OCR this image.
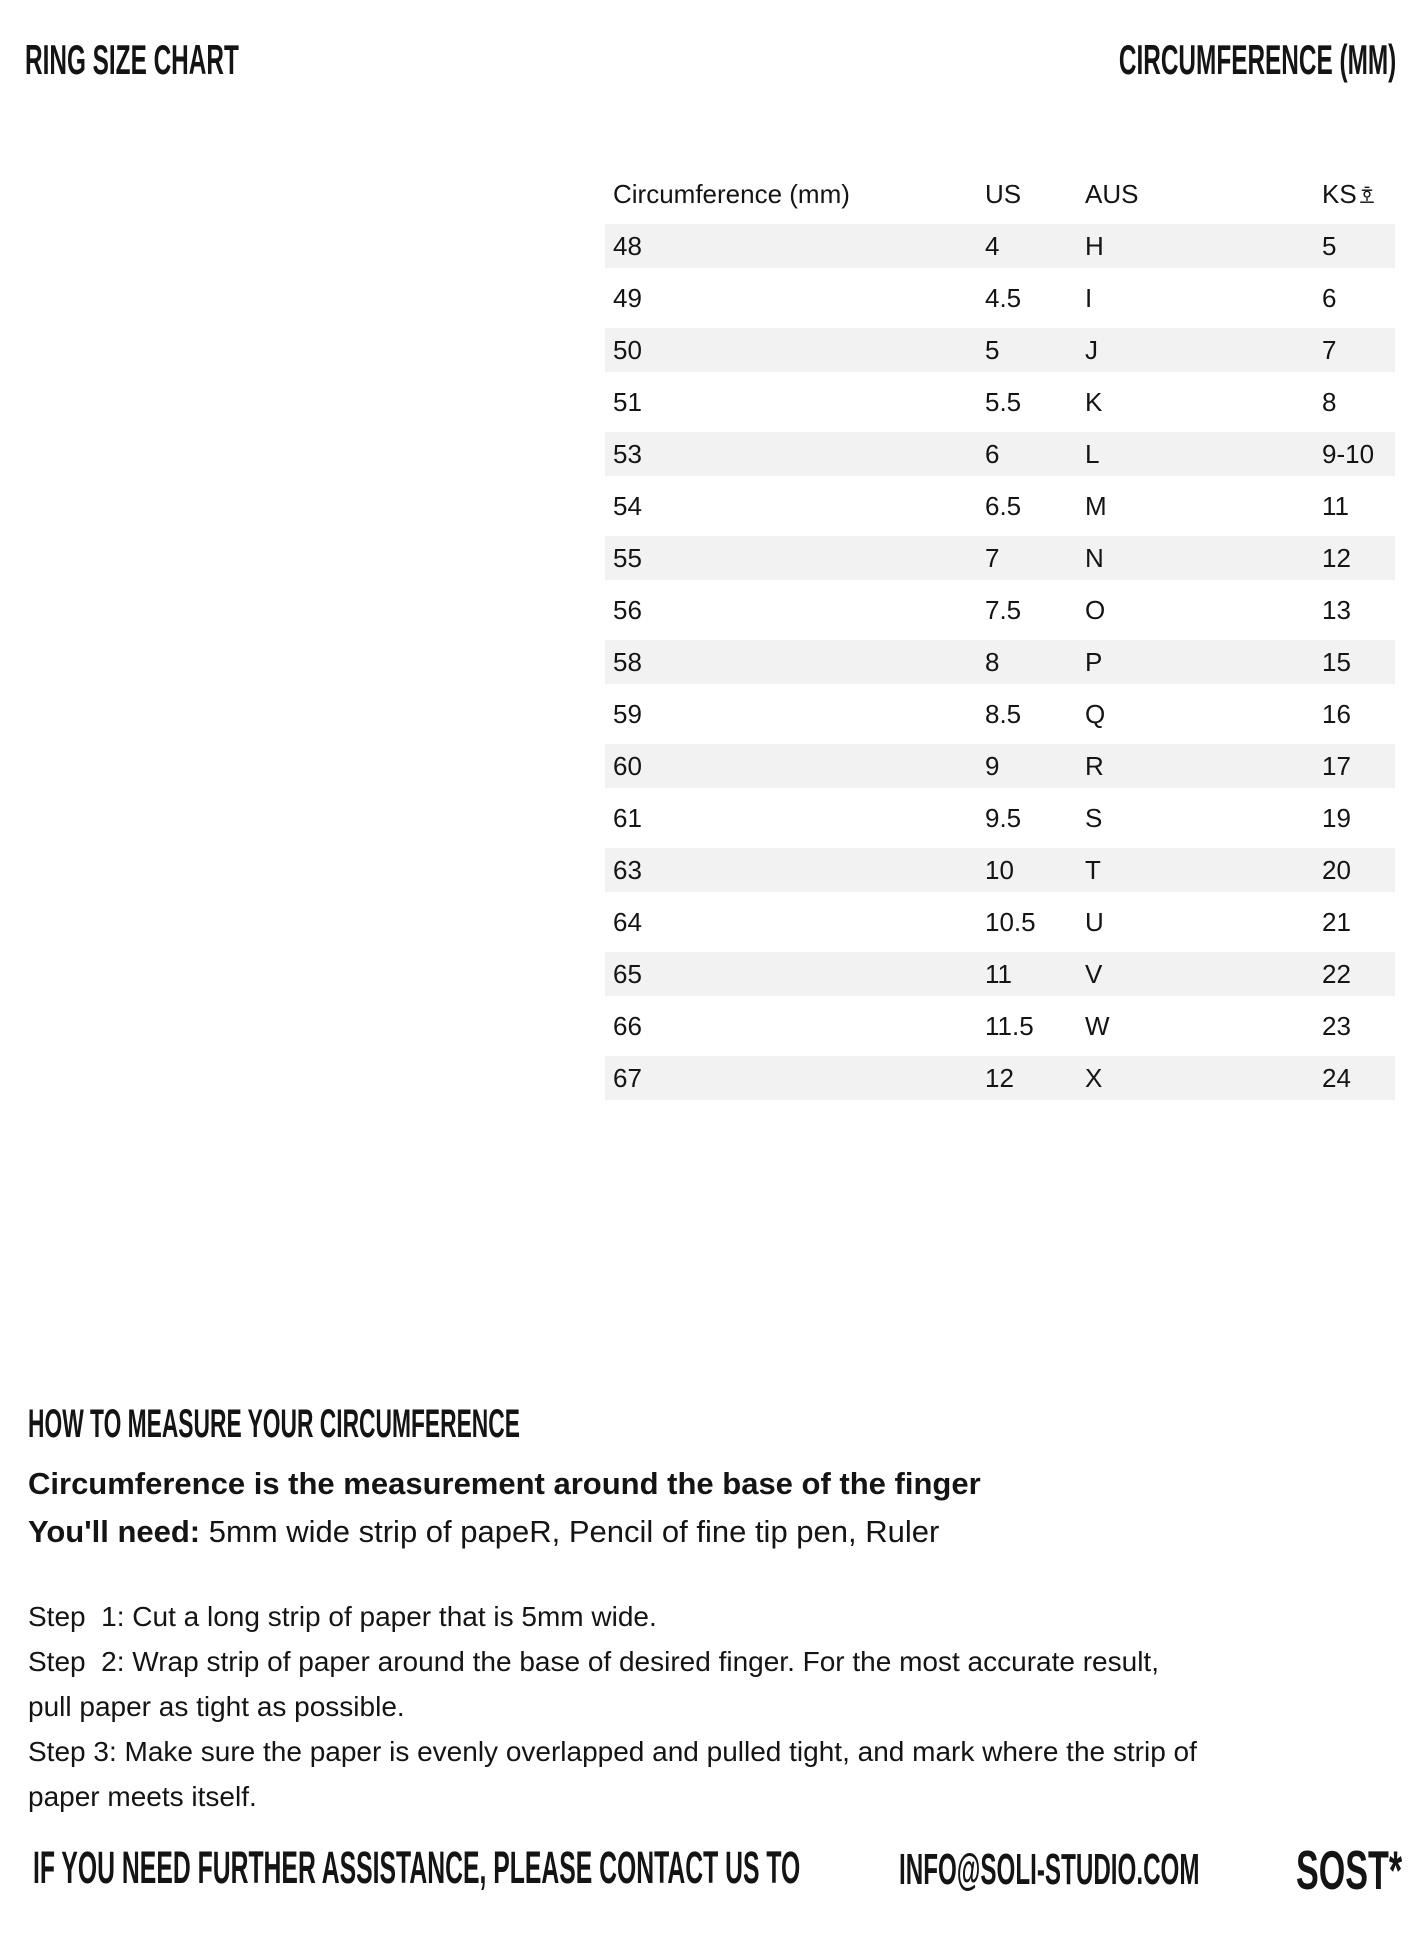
RING SIZE CHART	CIRCUMFERENCE (MM)
Circumference (mm)	US	AUS	KS
48	4	H	5
49	4.5	I	6
50	5	J	7
51	5.5	K	8
53	6	L	9-10
54	6.5	M	11
55	7	N	12
56	7.5	O	13
58	8	P	15
59	8.5	Q	16
60	9	R	17
61	9.5	S	19
63	10	T	20
64	10.5	U	21
65	11	V	22
66	11.5	W	23
67	12	X	24
HOW TO MEASURE YOUR CIRCUMFERENCE
Circumference is the measurement around the base of the finger
You'll need: 5mm wide strip of papeR, Pencil of fine tip pen, Ruler
Step  1: Cut a long strip of paper that is 5mm wide.
Step  2: Wrap strip of paper around the base of desired finger. For the most accurate result,
pull paper as tight as possible.
Step 3: Make sure the paper is evenly overlapped and pulled tight, and mark where the strip of
paper meets itself.
IF YOU NEED FURTHER ASSISTANCE, PLEASE CONTACT US TO INFO@SOLI-STUDIO.COM SOST*
